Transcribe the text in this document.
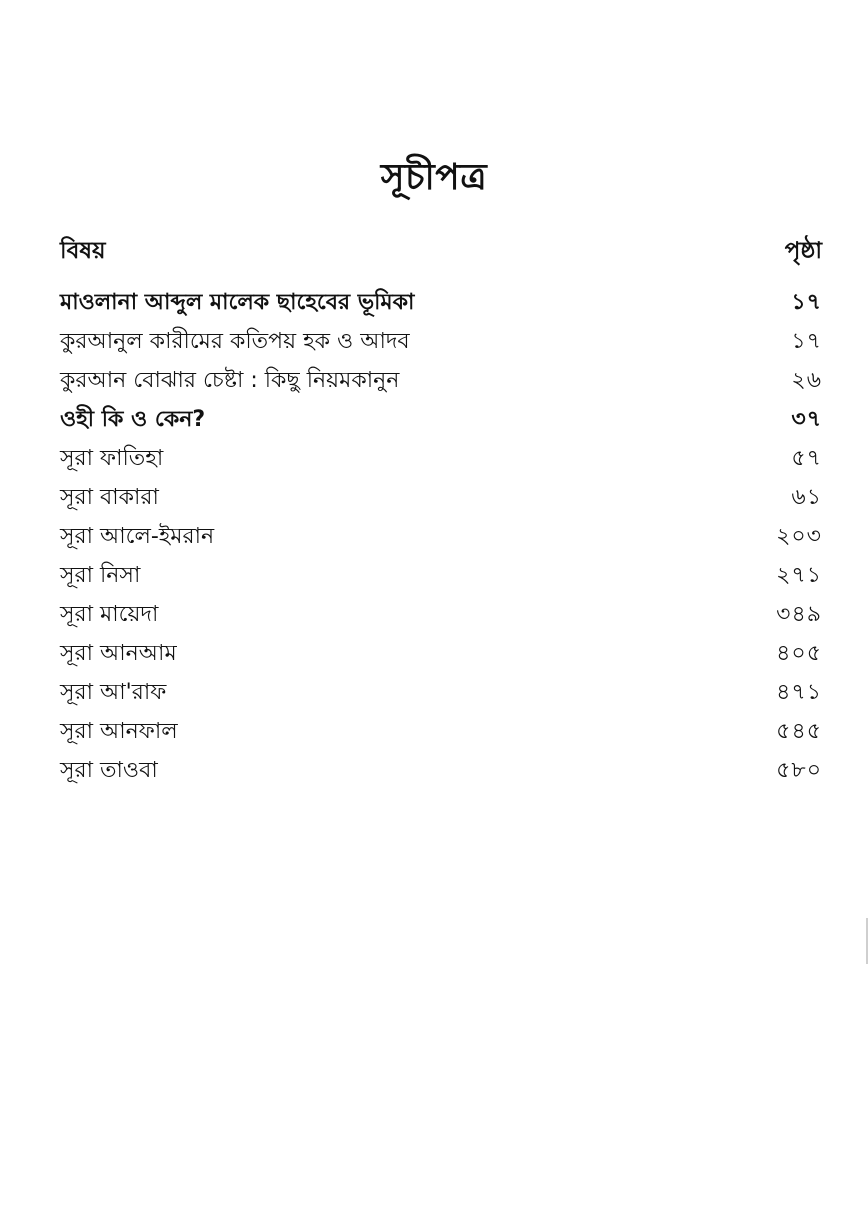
সূচীপত্র
বিষয়	পৃষ্ঠা
মাওলানা আব্দুল মালেক ছাহেবের ভূমিকা	১৭
কুরআনুল কারীমের কতিপয় হক ও আদব	১৭
কুরআন বোঝার চেষ্টা : কিছু নিয়মকানুন	২৬
ওহী কি ও কেন?	৩৭
সূরা ফাতিহা	৫৭
সূরা বাকারা	৬১
সূরা আলে-ইমরান	২০৩
সূরা নিসা	২৭১
সূরা মায়েদা	৩৪৯
সূরা আনআম	৪০৫
সূরা আ'রাফ	৪৭১
সূরা আনফাল	৫৪৫
সূরা তাওবা	৫৮০
